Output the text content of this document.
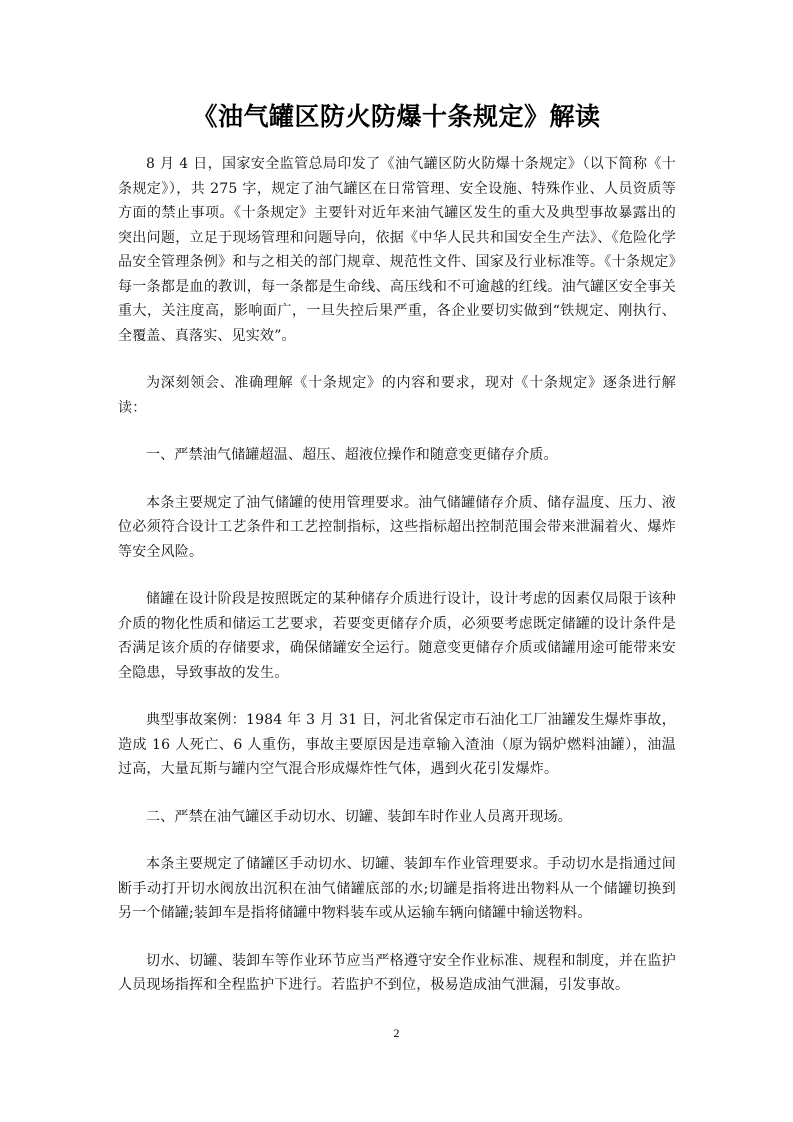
《油气罐区防火防爆十条规定》解读

8 月 4 日，国家安全监管总局印发了《油气罐区防火防爆十条规定》（以下简称《十条规定》），共 275 字，规定了油气罐区在日常管理、安全设施、特殊作业、人员资质等方面的禁止事项。《十条规定》主要针对近年来油气罐区发生的重大及典型事故暴露出的突出问题，立足于现场管理和问题导向，依据《中华人民共和国安全生产法》、《危险化学品安全管理条例》和与之相关的部门规章、规范性文件、国家及行业标准等。《十条规定》每一条都是血的教训，每一条都是生命线、高压线和不可逾越的红线。油气罐区安全事关重大，关注度高，影响面广，一旦失控后果严重，各企业要切实做到“铁规定、刚执行、全覆盖、真落实、见实效”。

为深刻领会、准确理解《十条规定》的内容和要求，现对《十条规定》逐条进行解读：

一、严禁油气储罐超温、超压、超液位操作和随意变更储存介质。

本条主要规定了油气储罐的使用管理要求。油气储罐储存介质、储存温度、压力、液位必须符合设计工艺条件和工艺控制指标，这些指标超出控制范围会带来泄漏着火、爆炸等安全风险。

储罐在设计阶段是按照既定的某种储存介质进行设计，设计考虑的因素仅局限于该种介质的物化性质和储运工艺要求，若要变更储存介质，必须要考虑既定储罐的设计条件是否满足该介质的存储要求，确保储罐安全运行。随意变更储存介质或储罐用途可能带来安全隐患，导致事故的发生。

典型事故案例：1984 年 3 月 31 日，河北省保定市石油化工厂油罐发生爆炸事故，造成 16 人死亡、6 人重伤，事故主要原因是违章输入渣油（原为锅炉燃料油罐），油温过高，大量瓦斯与罐内空气混合形成爆炸性气体，遇到火花引发爆炸。

二、严禁在油气罐区手动切水、切罐、装卸车时作业人员离开现场。

本条主要规定了储罐区手动切水、切罐、装卸车作业管理要求。手动切水是指通过间断手动打开切水阀放出沉积在油气储罐底部的水;切罐是指将进出物料从一个储罐切换到另一个储罐;装卸车是指将储罐中物料装车或从运输车辆向储罐中输送物料。

切水、切罐、装卸车等作业环节应当严格遵守安全作业标准、规程和制度，并在监护人员现场指挥和全程监护下进行。若监护不到位，极易造成油气泄漏，引发事故。

2
